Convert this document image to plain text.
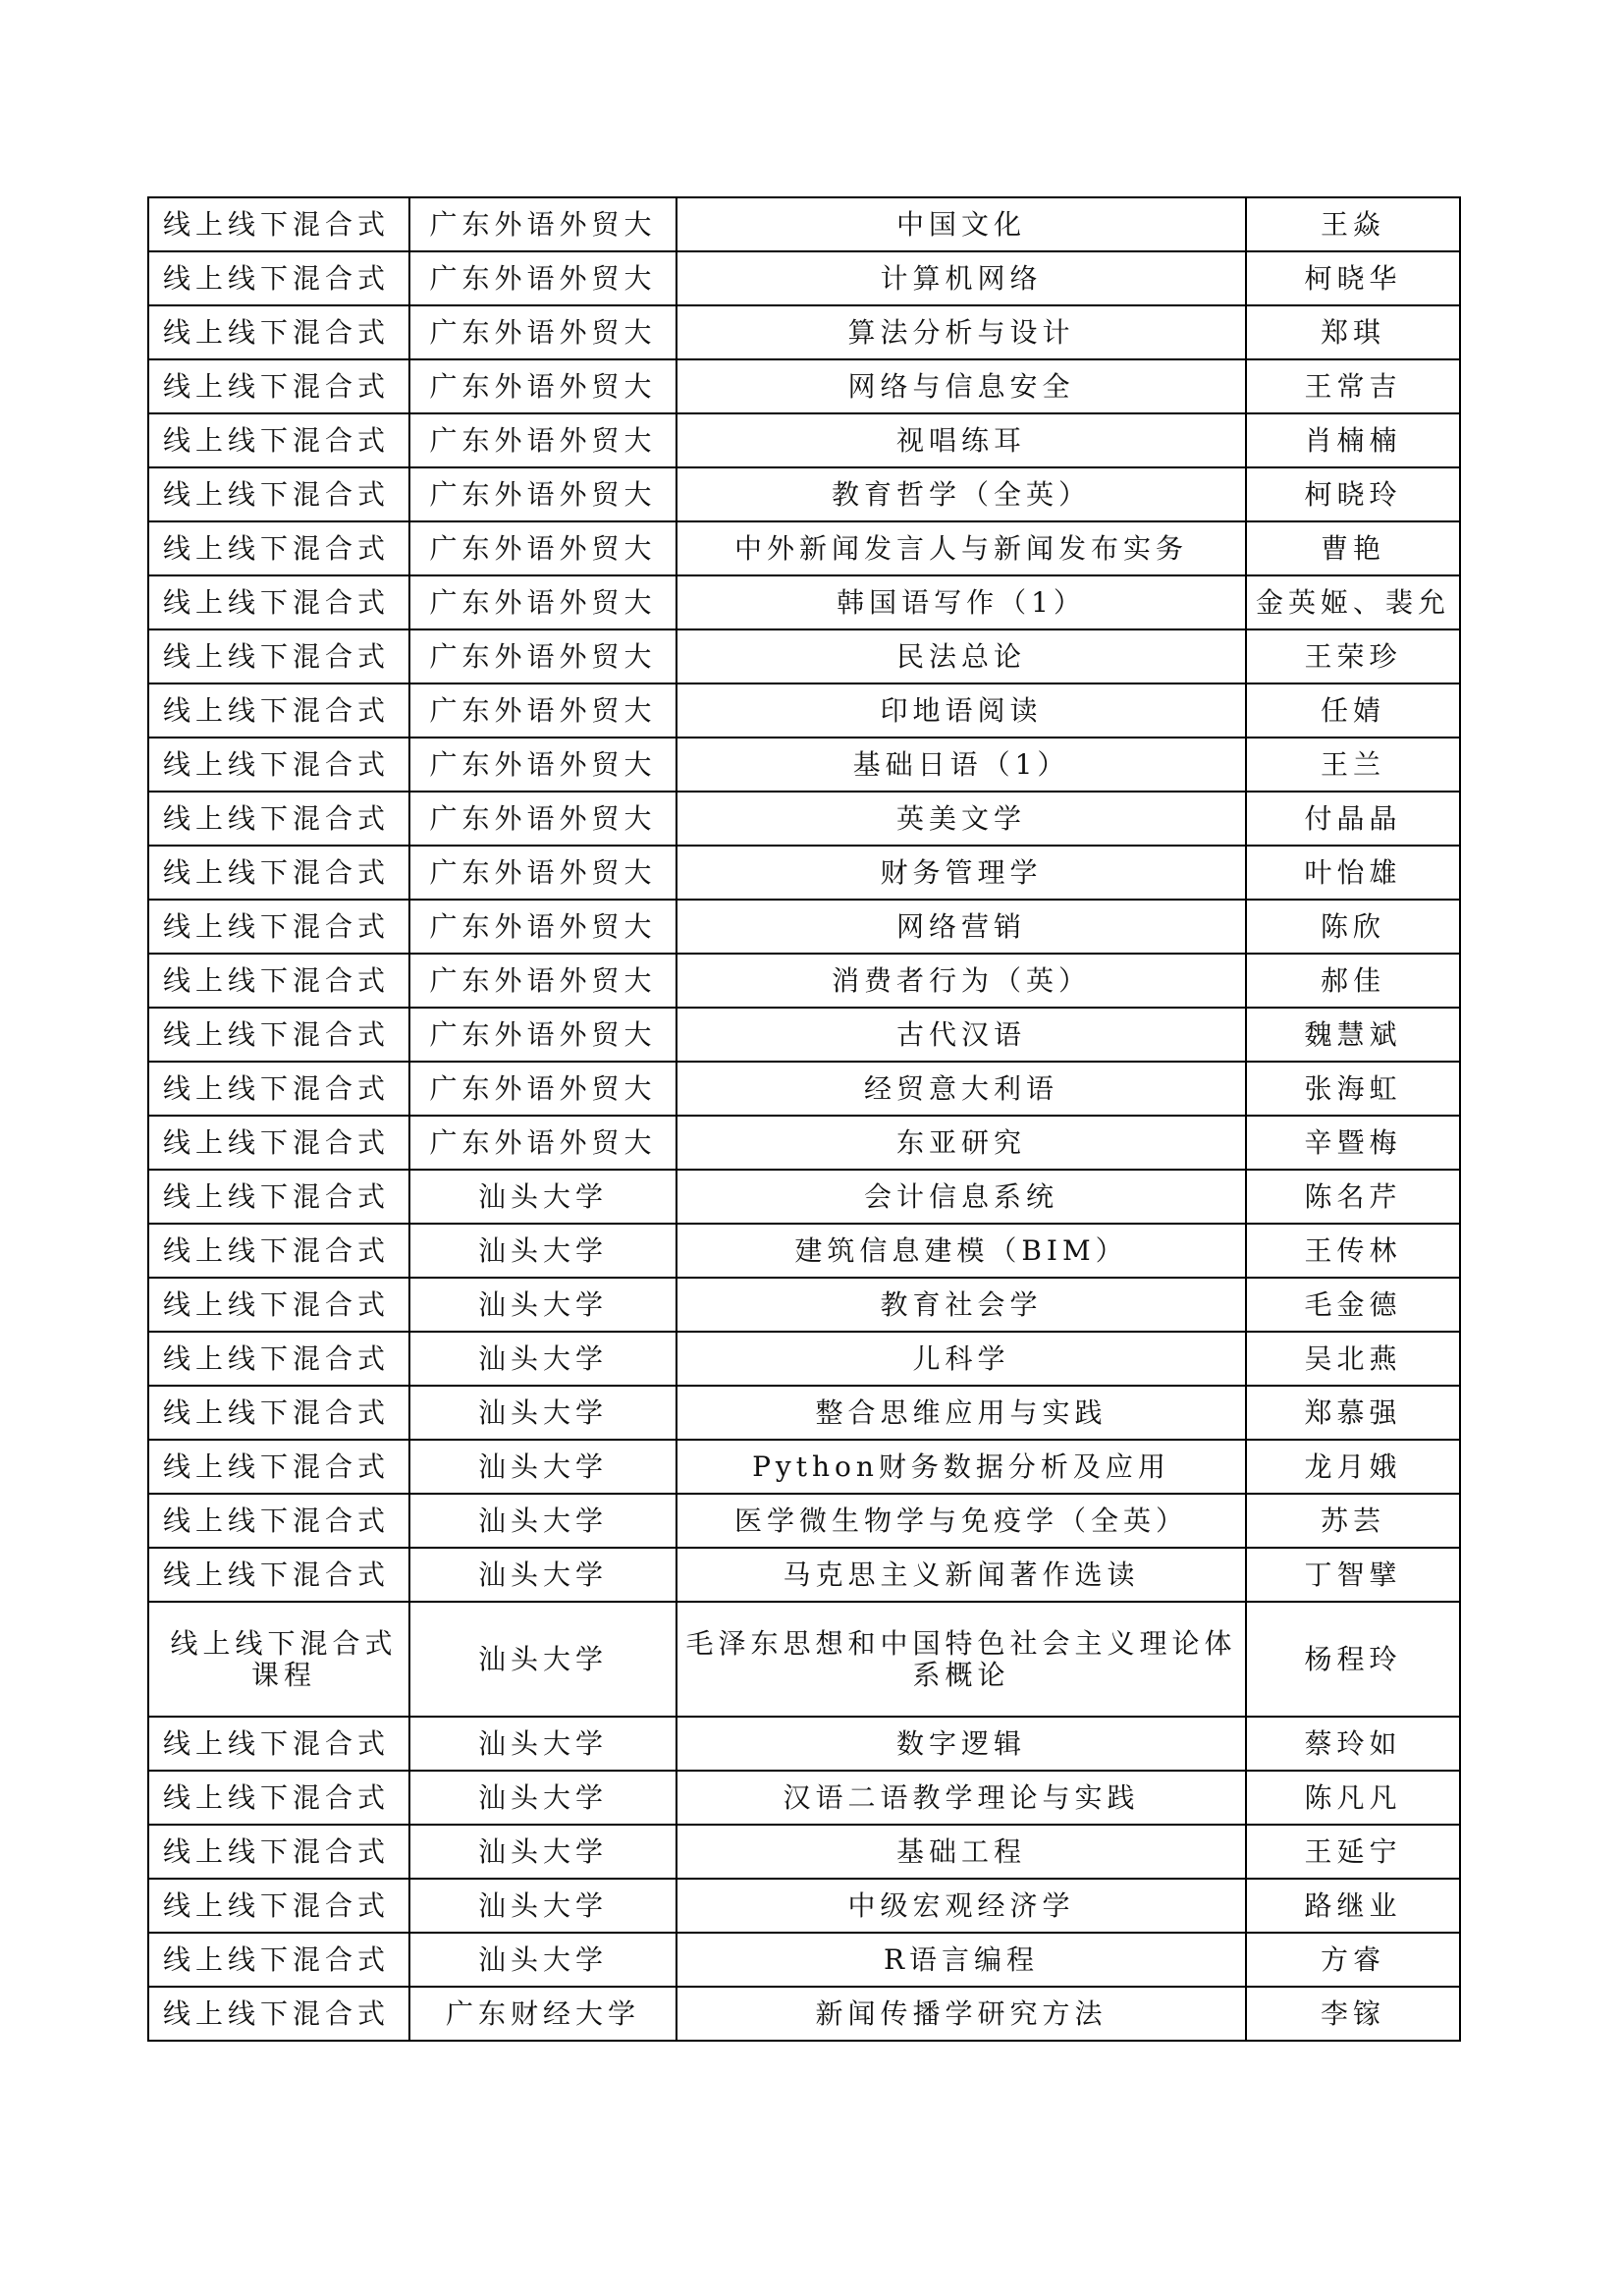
线上线下混合式	广东外语外贸大	中国文化	王焱
线上线下混合式	广东外语外贸大	计算机网络	柯晓华
线上线下混合式	广东外语外贸大	算法分析与设计	郑琪
线上线下混合式	广东外语外贸大	网络与信息安全	王常吉
线上线下混合式	广东外语外贸大	视唱练耳	肖楠楠
线上线下混合式	广东外语外贸大	教育哲学（全英）	柯晓玲
线上线下混合式	广东外语外贸大	中外新闻发言人与新闻发布实务	曹艳
线上线下混合式	广东外语外贸大	韩国语写作（1）	金英姬、裴允
线上线下混合式	广东外语外贸大	民法总论	王荣珍
线上线下混合式	广东外语外贸大	印地语阅读	任婧
线上线下混合式	广东外语外贸大	基础日语（1）	王兰
线上线下混合式	广东外语外贸大	英美文学	付晶晶
线上线下混合式	广东外语外贸大	财务管理学	叶怡雄
线上线下混合式	广东外语外贸大	网络营销	陈欣
线上线下混合式	广东外语外贸大	消费者行为（英）	郝佳
线上线下混合式	广东外语外贸大	古代汉语	魏慧斌
线上线下混合式	广东外语外贸大	经贸意大利语	张海虹
线上线下混合式	广东外语外贸大	东亚研究	辛暨梅
线上线下混合式	汕头大学	会计信息系统	陈名芹
线上线下混合式	汕头大学	建筑信息建模（BIM）	王传林
线上线下混合式	汕头大学	教育社会学	毛金德
线上线下混合式	汕头大学	儿科学	吴北燕
线上线下混合式	汕头大学	整合思维应用与实践	郑慕强
线上线下混合式	汕头大学	Python财务数据分析及应用	龙月娥
线上线下混合式	汕头大学	医学微生物学与免疫学（全英）	苏芸
线上线下混合式	汕头大学	马克思主义新闻著作选读	丁智擘
线上线下混合式课程	汕头大学	毛泽东思想和中国特色社会主义理论体系概论	杨程玲
线上线下混合式	汕头大学	数字逻辑	蔡玲如
线上线下混合式	汕头大学	汉语二语教学理论与实践	陈凡凡
线上线下混合式	汕头大学	基础工程	王延宁
线上线下混合式	汕头大学	中级宏观经济学	路继业
线上线下混合式	汕头大学	R语言编程	方睿
线上线下混合式	广东财经大学	新闻传播学研究方法	李镓
